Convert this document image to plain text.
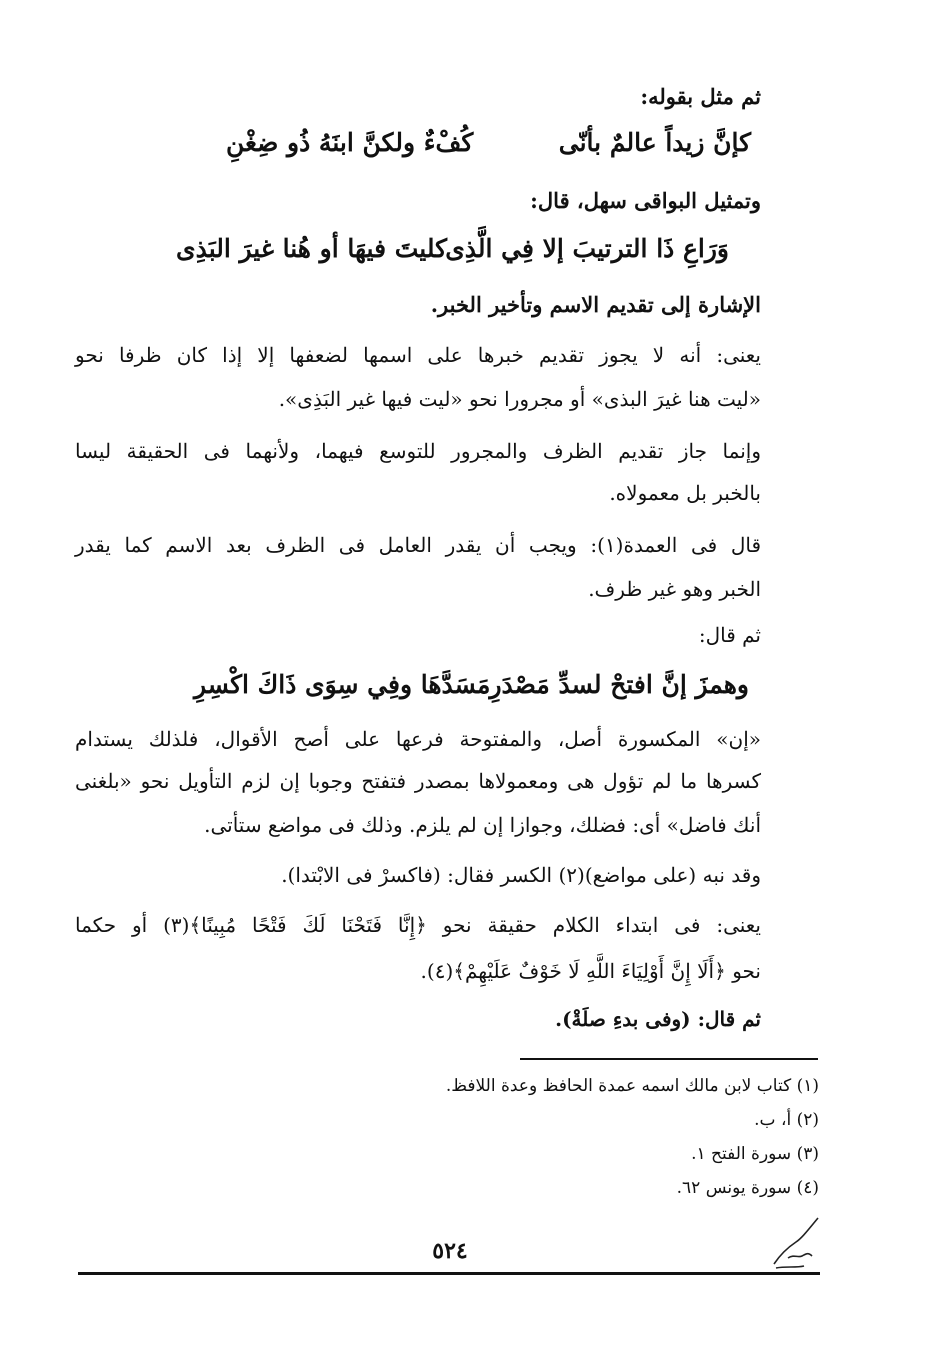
ثم مثل بقوله:
كإنَّ زيداً عالمٌ بأنّى
كُفْءٌ ولكنَّ ابنَهُ ذُو ضِغْنِ
وتمثيل البواقى سهل، قال:
وَرَاعِ ذَا الترتيبَ إلا فِي الَّذِى
كليتَ فيهَا أو هُنا غيرَ البَذِى
الإشارة إلى تقديم الاسم وتأخير الخبر.
يعنى: أنه لا يجوز تقديم خبرها على اسمها لضعفها إلا إذا كان ظرفا نحو
«ليت هنا غيرَ البذى» أو مجرورا نحو «ليت فيها غير البَذِى».
وإنما جاز تقديم الظرف والمجرور للتوسع فيهما، ولأنهما فى الحقيقة ليسا
بالخبر بل معمولاه.
قال فى العمدة(١): ويجب أن يقدر العامل فى الظرف بعد الاسم كما يقدر
الخبر وهو غير ظرف.
ثم قال:
وهمزَ إنَّ افتحْ لسدِّ مَصْدَرِ
مَسَدَّهَا وفِي سِوَى ذَاكَ اكْسِرِ
«إن» المكسورة أصل، والمفتوحة فرعها على أصح الأقوال، فلذلك يستدام
كسرها ما لم تؤول هى ومعمولاها بمصدر فتفتح وجوبا إن لزم التأويل نحو «بلغنى
أنك فاضل» أى: فضلك، وجوازا إن لم يلزم. وذلك فى مواضع ستأتى.
وقد نبه (على مواضع)(٢) الكسر فقال: (فاكسرْ فى الابْتدا).
يعنى: فى ابتداء الكلام حقيقة نحو ﴿إِنَّا فَتَحْنَا لَكَ فَتْحًا مُبِينًا﴾(٣) أو حكما
نحو ﴿أَلَا إِنَّ أَوْلِيَاءَ اللَّهِ لَا خَوْفٌ عَلَيْهِمْ﴾(٤).
ثم قال: (وفى بدءِ صلَةْ).
(١) كتاب لابن مالك اسمه عمدة الحافظ وعدة اللافظ.
(٢) أ، ب.
(٣) سورة الفتح ١.
(٤) سورة يونس ٦٢.
٥٢٤
